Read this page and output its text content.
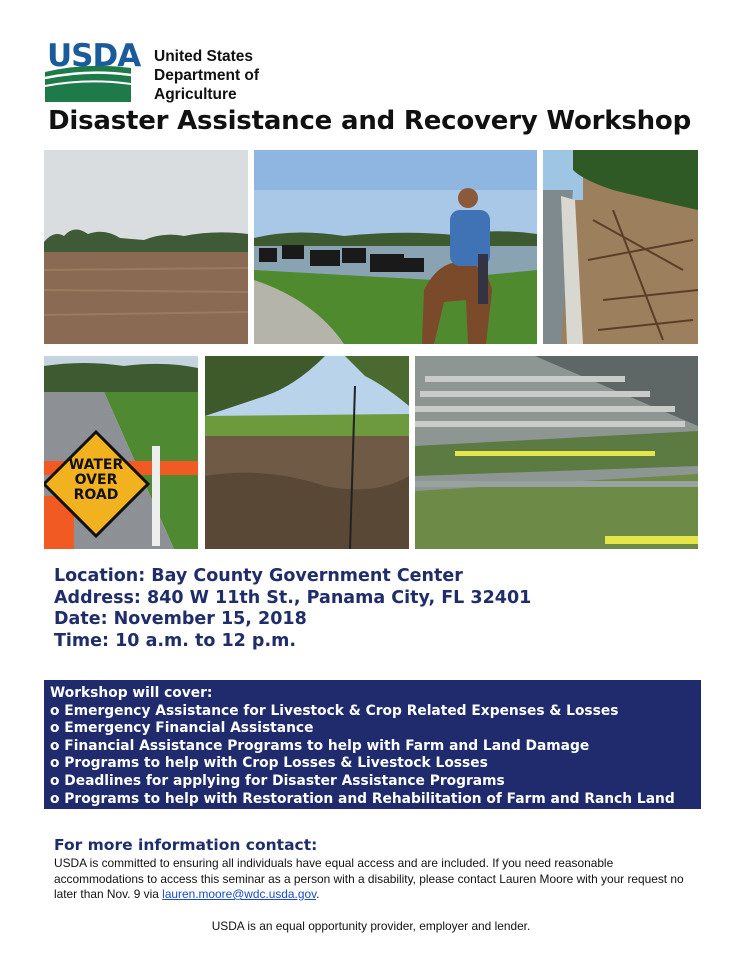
USDA United States
Department of
Agriculture
Disaster Assistance and Recovery Workshop
WATER
OVER
ROAD
Location: Bay County Government Center
Address: 840 W 11th St., Panama City, FL 32401
Date: November 15, 2018
Time: 10 a.m. to 12 p.m.
Workshop will cover:
o Emergency Assistance for Livestock & Crop Related Expenses & Losses
o Emergency Financial Assistance
o Financial Assistance Programs to help with Farm and Land Damage
o Programs to help with Crop Losses & Livestock Losses
o Deadlines for applying for Disaster Assistance Programs
o Programs to help with Restoration and Rehabilitation of Farm and Ranch Land
For more information contact:
USDA is committed to ensuring all individuals have equal access and are included. If you need reasonable accommodations to access this seminar as a person with a disability, please contact Lauren Moore with your request no later than Nov. 9 via lauren.moore@wdc.usda.gov.
USDA is an equal opportunity provider, employer and lender.
